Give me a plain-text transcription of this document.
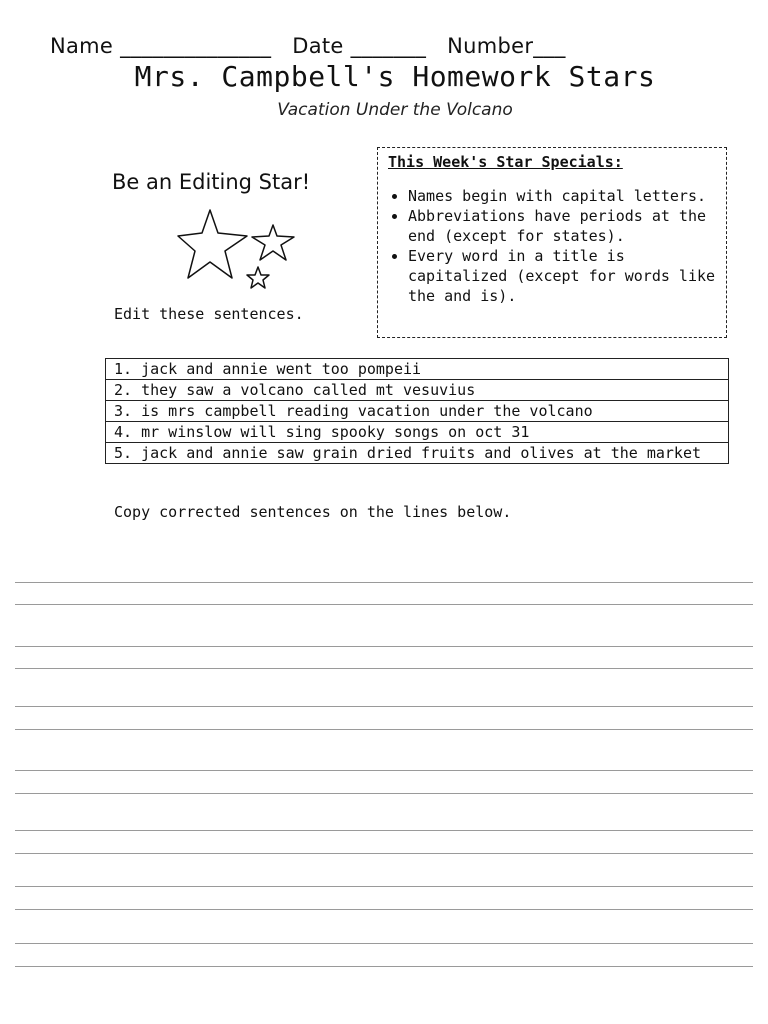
Name ______________   Date _______   Number___
Mrs. Campbell's Homework Stars
Vacation Under the Volcano
Be an Editing Star!
Edit these sentences.
This Week's Star Specials:
• Names begin with capital letters.
• Abbreviations have periods at the end (except for states).
• Every word in a title is capitalized (except for words like the and is).
1. jack and annie went too pompeii
2. they saw a volcano called mt vesuvius
3. is mrs campbell reading vacation under the volcano
4. mr winslow will sing spooky songs on oct 31
5. jack and annie saw grain dried fruits and olives at the market
Copy corrected sentences on the lines below.
